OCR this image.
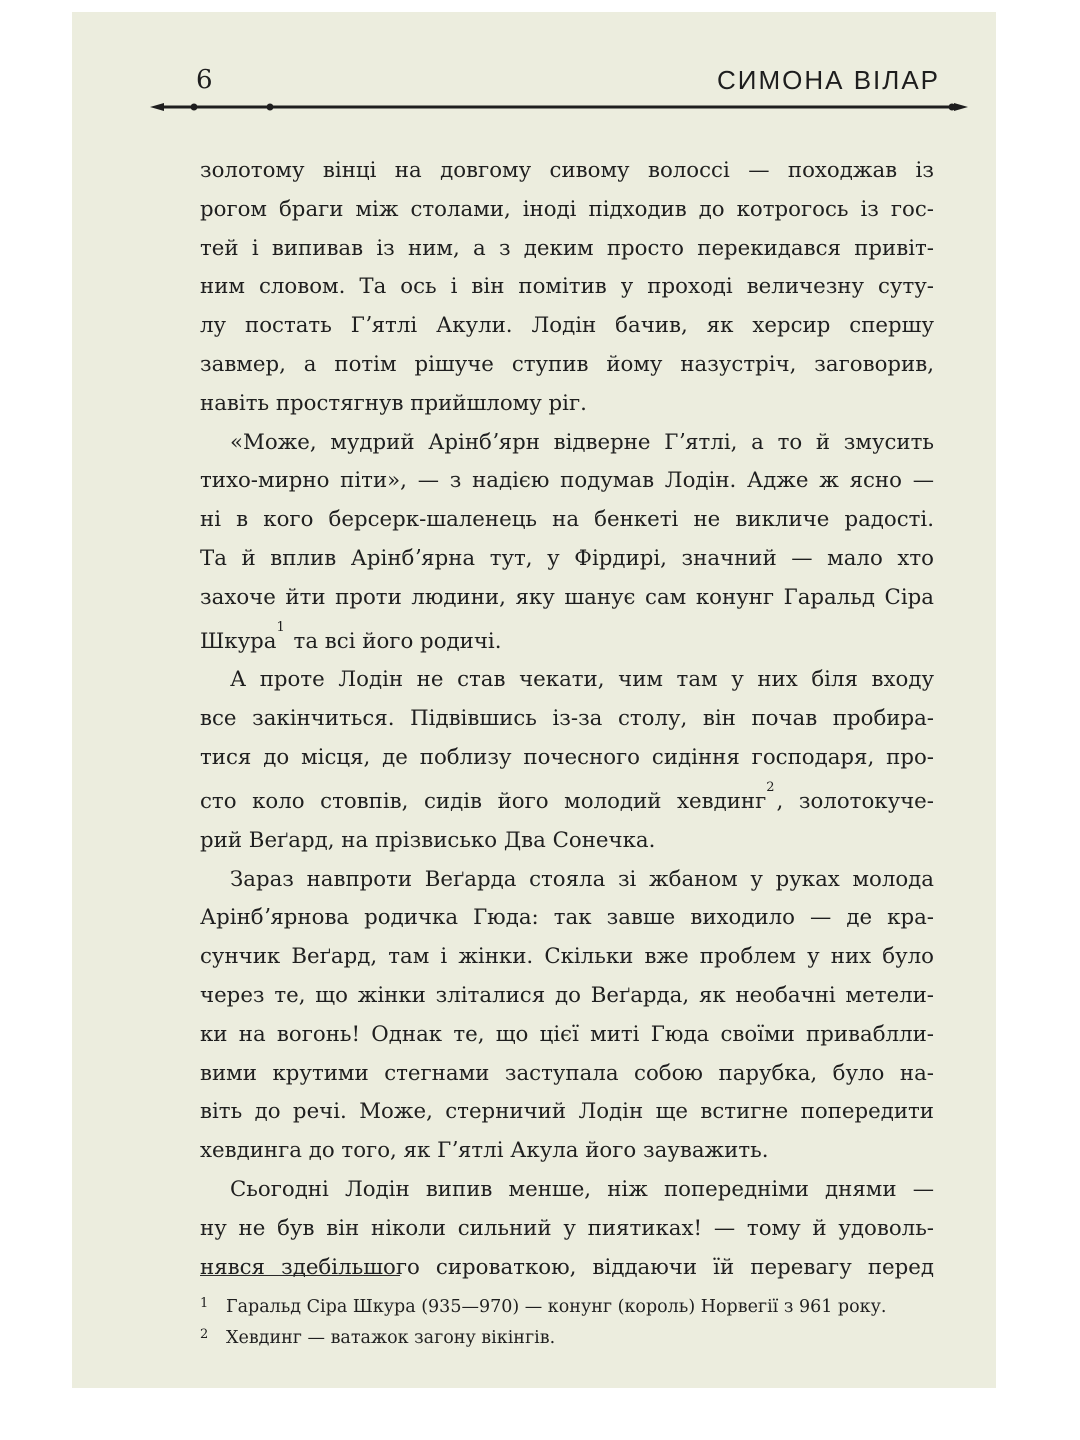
6	СИМОНА ВІЛАР

золотому вінці на довгому сивому волоссі — походжав із

рогом браги між столами, іноді підходив до котрогось із гос-

тей і випивав із ним, а з деким просто перекидався привіт-

ним словом. Та ось і він помітив у проході величезну суту-

лу постать Гʼятлі Акули. Лодін бачив, як херсир спершу

завмер, а потім рішуче ступив йому назустріч, заговорив,

навіть простягнув прийшлому ріг.

«Може, мудрий Арінбʼярн відверне Гʼятлі, а то й змусить

тихо-мирно піти», — з надією подумав Лодін. Адже ж ясно —

ні в кого берсерк-шаленець на бенкеті не викличе радості.

Та й вплив Арінбʼярна тут, у Фірдирі, значний — мало хто

захоче йти проти людини, яку шанує сам конунг Гаральд Сіра

Шкура$^1$ та всі його родичі.

А проте Лодін не став чекати, чим там у них біля входу

все закінчиться. Підвівшись із-за столу, він почав пробира-

тися до місця, де поблизу почесного сидіння господаря, про-

сто коло стовпів, сидів його молодий хевдинг$^2$, золотокуче-

рий Веґард, на прізвисько Два Сонечка.

Зараз навпроти Веґарда стояла зі жбаном у руках молода

Арінбʼярнова родичка Гюда: так завше виходило — де кра-

сунчик Веґард, там і жінки. Скільки вже проблем у них було

через те, що жінки зліталися до Веґарда, як необачні метели-

ки на вогонь! Однак те, що цієї миті Гюда своїми приваблли-

вими крутими стегнами заступала собою парубка, було на-

віть до речі. Може, стерничий Лодін ще встигне попередити

хевдинга до того, як Гʼятлі Акула його зауважить.

Сьогодні Лодін випив менше, ніж попередніми днями —

ну не був він ніколи сильний у пиятиках! — тому й удоволь-

нявся здебільшого сироваткою, віддаючи їй перевагу перед

1 Гаральд Сіра Шкура (935—970) — конунг (король) Норвегії з 961 року.
2 Хевдинг — ватажок загону вікінгів.
